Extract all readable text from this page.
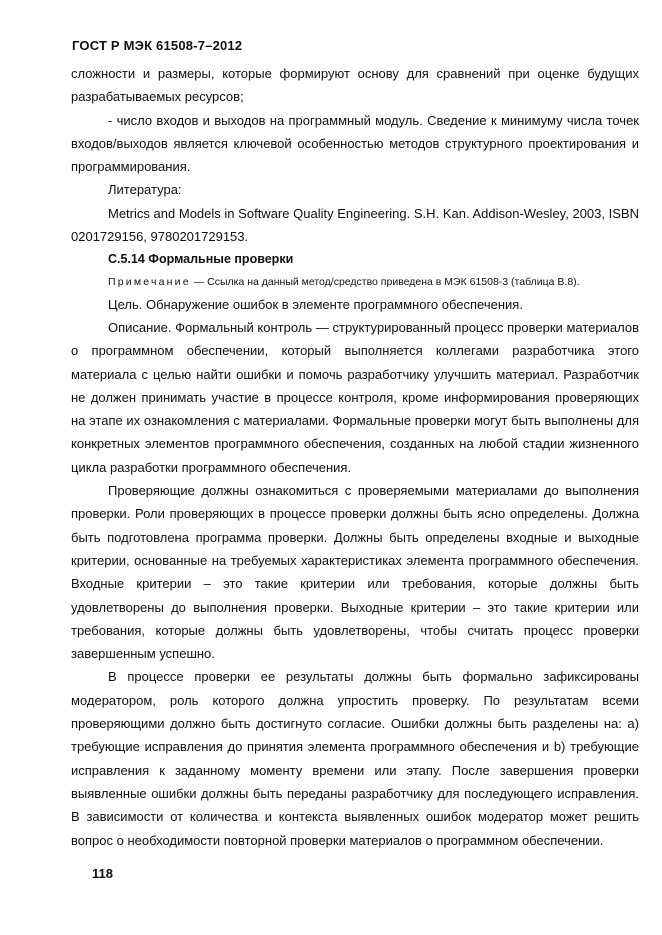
ГОСТ Р МЭК 61508-7–2012

сложности и размеры, которые формируют основу для сравнений при оценке будущих разрабатываемых ресурсов;

- число входов и выходов на программный модуль. Сведение к минимуму числа точек входов/выходов является ключевой особенностью методов структурного проектирования и программирования.

Литература:

Metrics and Models in Software Quality Engineering. S.H. Kan. Addison-Wesley, 2003, ISBN 0201729156, 9780201729153.

С.5.14 Формальные проверки

Примечание — Ссылка на данный метод/средство приведена в МЭК 61508-3 (таблица В.8).

Цель. Обнаружение ошибок в элементе программного обеспечения.

Описание. Формальный контроль — структурированный процесс проверки материалов о программном обеспечении, который выполняется коллегами разработчика этого материала с целью найти ошибки и помочь разработчику улучшить материал. Разработчик не должен принимать участие в процессе контроля, кроме информирования проверяющих на этапе их ознакомления с материалами. Формальные проверки могут быть выполнены для конкретных элементов программного обеспечения, созданных на любой стадии жизненного цикла разработки программного обеспечения.

Проверяющие должны ознакомиться с проверяемыми материалами до выполнения проверки. Роли проверяющих в процессе проверки должны быть ясно определены. Должна быть подготовлена программа проверки. Должны быть определены входные и выходные критерии, основанные на требуемых характеристиках элемента программного обеспечения. Входные критерии – это такие критерии или требования, которые должны быть удовлетворены до выполнения проверки. Выходные критерии – это такие критерии или требования, которые должны быть удовлетворены, чтобы считать процесс проверки завершенным успешно.

В процессе проверки ее результаты должны быть формально зафиксированы модератором, роль которого должна упростить проверку. По результатам всеми проверяющими должно быть достигнуто согласие. Ошибки должны быть разделены на: а) требующие исправления до принятия элемента программного обеспечения и b) требующие исправления к заданному моменту времени или этапу. После завершения проверки выявленные ошибки должны быть переданы разработчику для последующего исправления. В зависимости от количества и контекста выявленных ошибок модератор может решить вопрос о необходимости повторной проверки материалов о программном обеспечении.

118
